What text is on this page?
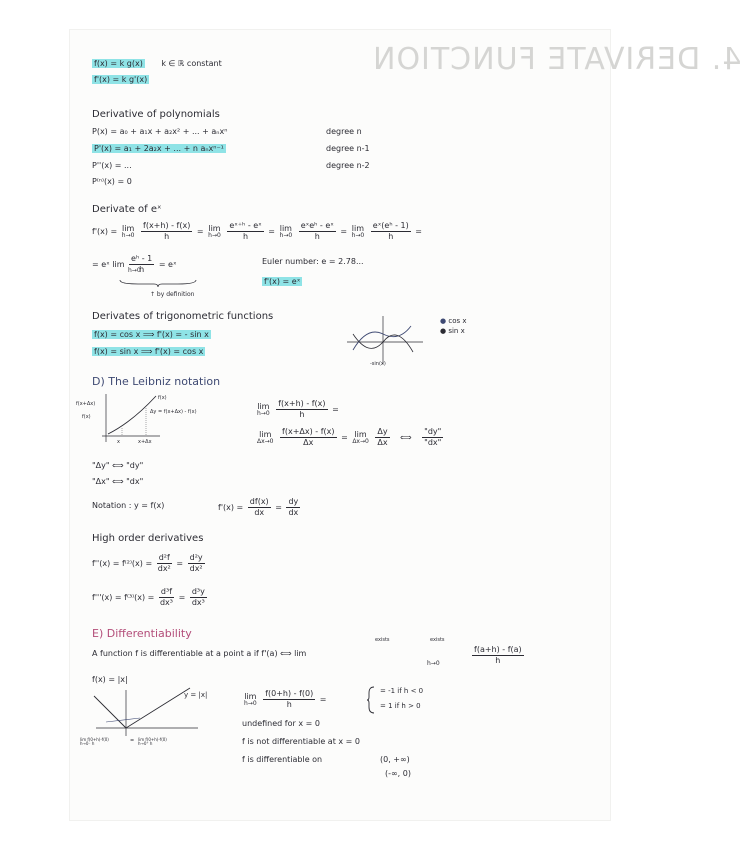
4. DERIVATE FUNCTION
f(x) = k g(x) k ∈ ℝ constant
f'(x) = k g'(x)
Derivative of polynomials
P(x) = a₀ + a₁x + a₂x² + ... + aₙxⁿ	degree n
P'(x) = a₁ + 2a₂x + ... + n aₙxⁿ⁻¹	degree n-1
P''(x) = ...	degree n-2
P⁽ⁿ⁾(x) = 0
Derivate of eˣ
f'(x) = lim
h→0
$\frac{f(x+h) - f(x)}{h} = \lim$
h→0
$\frac{\text{eˣ⁺ʰ - eˣ}}{h} = \lim$
h→0
$\frac{\text{eˣeʰ - eˣ}}{h} = \lim$
h→0
$\frac{\text{eˣ(eʰ - 1)}}{h}$ =
= eˣ $\lim \frac{\text{eʰ - 1}}{h}$ = eˣ
h→0
↑ by definition
Euler number: e = 2.78...
f'(x) = eˣ
Derivates of trigonometric functions
f(x) = cos x ⟹ f'(x) = - sin x
f(x) = sin x ⟹ f'(x) = cos x
-sin(x)
● cos x
● sin x
D) The Leibniz notation
f(x+Δx)
f(x)
f(x)
Δy = f(x+Δx) - f(x)
x	x+Δx
lim
h→0
$\frac{f(x+h) - f(x)}{h}$ =
lim
Δx→0
$\frac{f(x+\Delta x) - f(x)}{\Delta x} = \lim$
Δx→0
$\frac{\Delta y}{\Delta x}$ ⟺ $\frac{"dy"}{"dx"}$
"Δy" ⟺ "dy"
"Δx" ⟺ "dx"
Notation : y = f(x)	$f'(x) = \frac{df(x)}{dx} = \frac{dy}{dx}$
High order derivatives
$f''(x) = f^{(2)}(x) = \frac{\text{d²f}}{\text{dx²}} = \frac{\text{d²y}}{\text{dx²}}$
$f'''(x) = f^{(3)}(x) = \frac{\text{d³f}}{\text{dx³}} = \frac{\text{d³y}}{\text{dx³}}$
E) Differentiability	exists	exists
A function f is differentiable at a point a if f'(a) ⟺ lim
h→0	$\frac{f(a+h) - f(a)}{h}$
f(x) = |x|
y = |x|
lim f(0+h)-f(0)
h→0⁻ h
lim f(0+h)-f(0)
h→0⁺ h
=
lim
h→0
$\frac{f(0+h) - f(0)}{h}$ =
= -1 if h < 0
= 1 if h > 0
undefined for x = 0
f is not differentiable at x = 0
f is differentiable on	(0, +∞)
(-∞, 0)
